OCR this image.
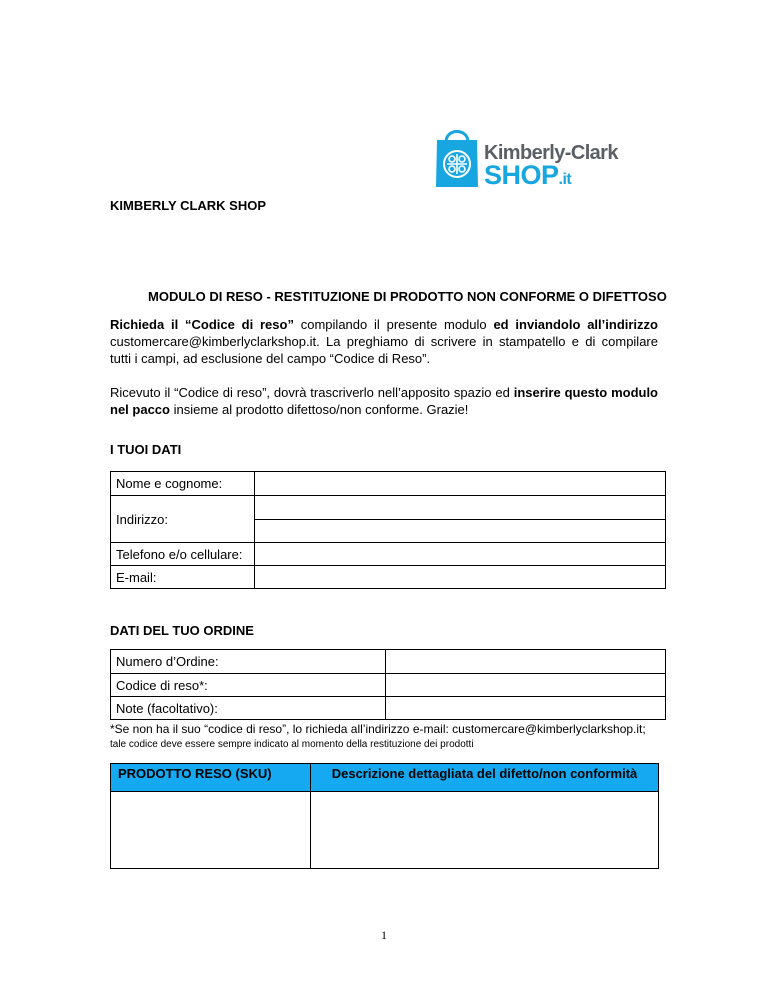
Kimberly-Clark
SHOP.it
KIMBERLY CLARK SHOP
MODULO DI RESO - RESTITUZIONE DI PRODOTTO NON CONFORME O DIFETTOSO
Richieda il “Codice di reso” compilando il presente modulo ed inviandolo all’indirizzo customercare@kimberlyclarkshop.it. La preghiamo di scrivere in stampatello e di compilare tutti i campi, ad esclusione del campo “Codice di Reso”.
Ricevuto il “Codice di reso”, dovrà trascriverlo nell’apposito spazio ed inserire questo modulo nel pacco insieme al prodotto difettoso/non conforme. Grazie!
I TUOI DATI
Nome e cognome:	
Indirizzo:	

Telefono e/o cellulare:	
E-mail:	
DATI DEL TUO ORDINE
Numero d’Ordine:	
Codice di reso*:	
Note (facoltativo):	
*Se non ha il suo “codice di reso”, lo richieda all’indirizzo e-mail: customercare@kimberlyclarkshop.it;
tale codice deve essere sempre indicato al momento della restituzione dei prodotti
PRODOTTO RESO (SKU)	Descrizione dettagliata del difetto/non conformità

1
